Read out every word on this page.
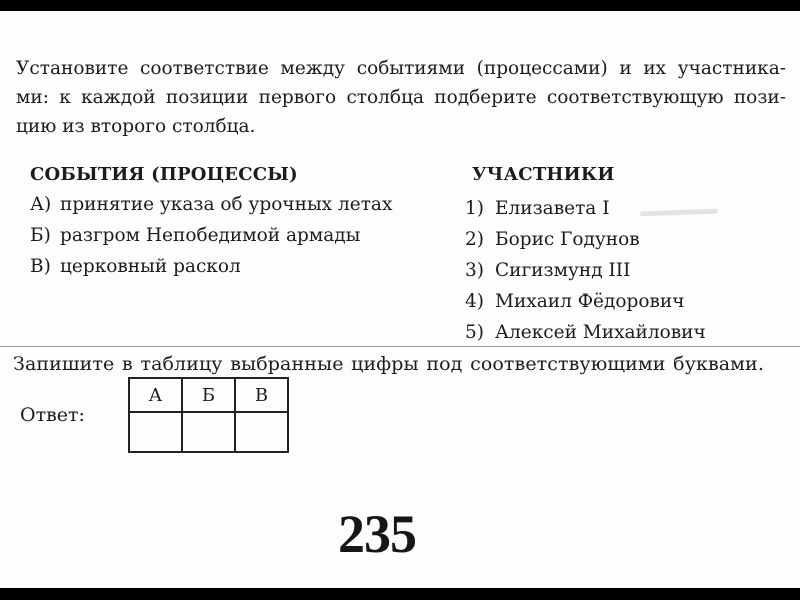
Установите соответствие между событиями (процессами) и их участника-
ми: к каждой позиции первого столбца подберите соответствующую пози-
цию из второго столбца.
СОБЫТИЯ (ПРОЦЕССЫ)	УЧАСТНИКИ
А) принятие указа об урочных летах
Б) разгром Непобедимой армады
В) церковный раскол
1) Елизавета I
2) Борис Годунов
3) Сигизмунд III
4) Михаил Фёдорович
5) Алексей Михайлович
Запишите в таблицу выбранные цифры под соответствующими буквами.
Ответ:
А	Б	В

235
